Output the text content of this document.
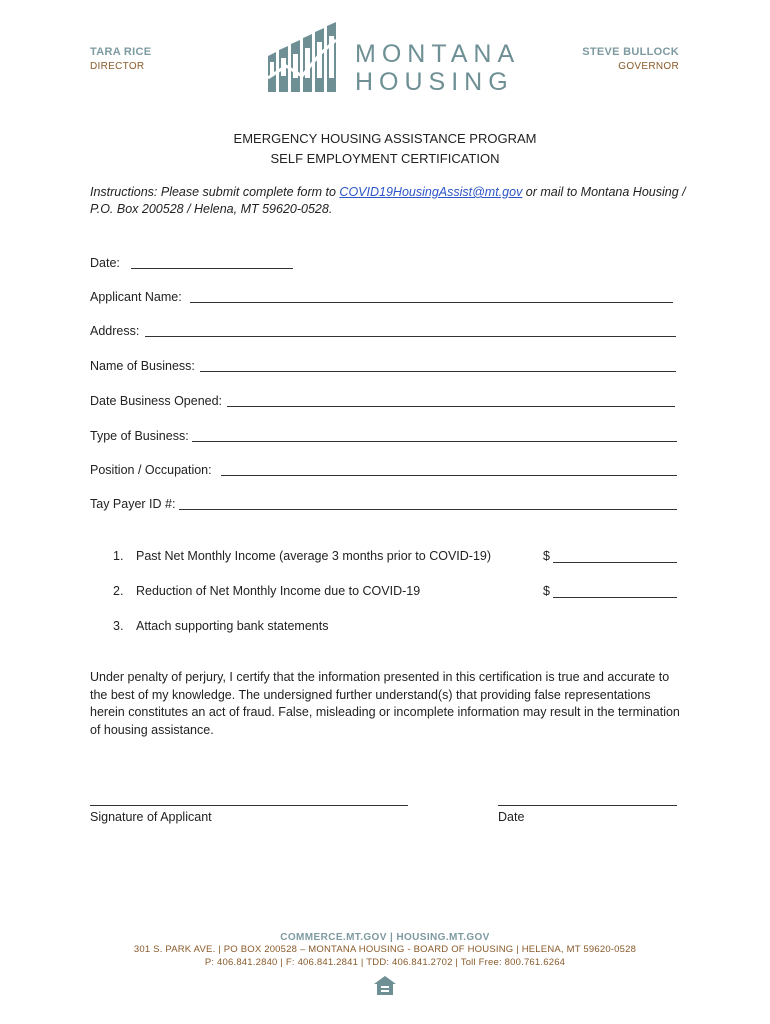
TARA RICE
DIRECTOR
STEVE BULLOCK
GOVERNOR
MONTANA
HOUSING
EMERGENCY HOUSING ASSISTANCE PROGRAM
SELF EMPLOYMENT CERTIFICATION
Instructions: Please submit complete form to COVID19HousingAssist@mt.gov or mail to Montana Housing / P.O. Box 200528 / Helena, MT 59620-0528.
Date:
Applicant Name:
Address:
Name of Business:
Date Business Opened:
Type of Business:
Position / Occupation:
Tay Payer ID #:
1. Past Net Monthly Income (average 3 months prior to COVID-19)	$
2. Reduction of Net Monthly Income due to COVID-19	$
3. Attach supporting bank statements
Under penalty of perjury, I certify that the information presented in this certification is true and accurate to the best of my knowledge. The undersigned further understand(s) that providing false representations herein constitutes an act of fraud. False, misleading or incomplete information may result in the termination of housing assistance.
Signature of Applicant	Date
COMMERCE.MT.GOV | HOUSING.MT.GOV
301 S. PARK AVE. | PO BOX 200528 – MONTANA HOUSING - BOARD OF HOUSING | HELENA, MT 59620-0528
P: 406.841.2840 | F: 406.841.2841 | TDD: 406.841.2702 | Toll Free: 800.761.6264
